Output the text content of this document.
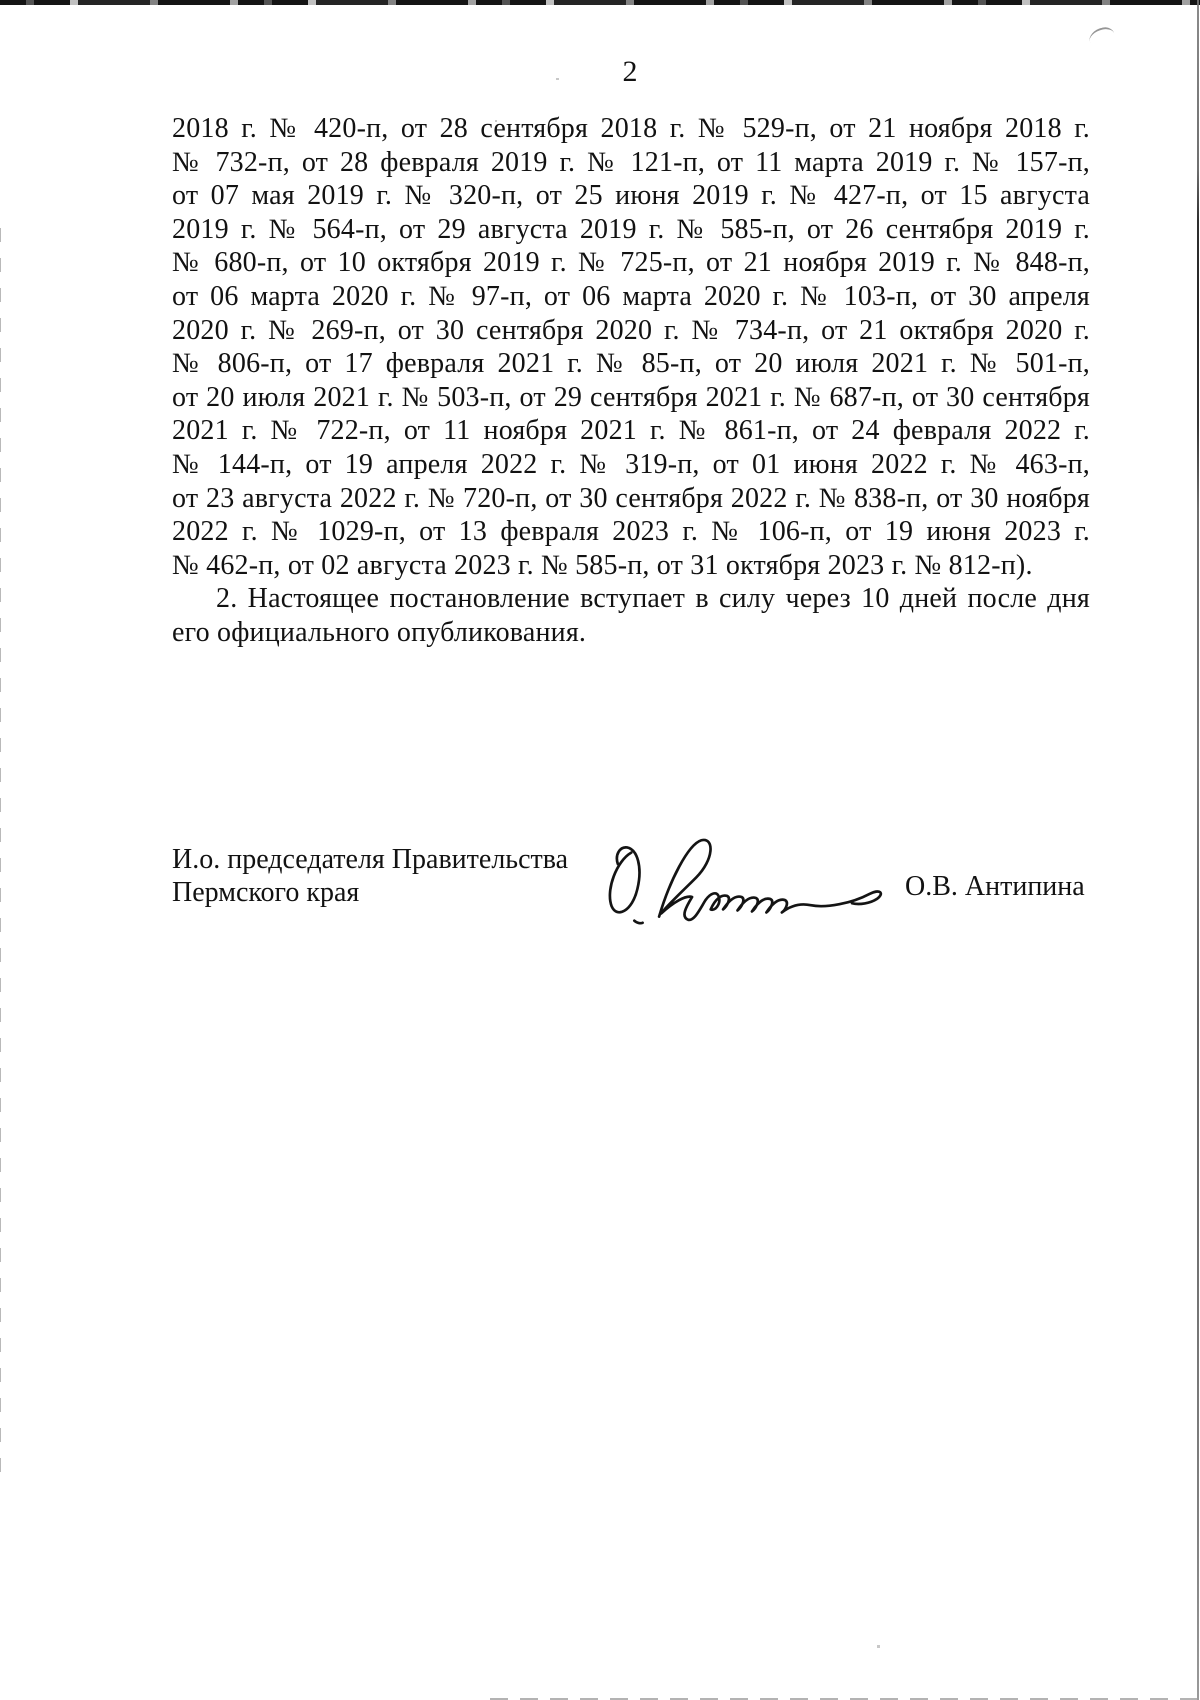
2
2018 г. № 420-п, от 28 сентября 2018 г. № 529-п, от 21 ноября 2018 г.
№ 732-п, от 28 февраля 2019 г. № 121-п, от 11 марта 2019 г. № 157-п,
от 07 мая 2019 г. № 320-п, от 25 июня 2019 г. № 427-п, от 15 августа
2019 г. № 564-п, от 29 августа 2019 г. № 585-п, от 26 сентября 2019 г.
№ 680-п, от 10 октября 2019 г. № 725-п, от 21 ноября 2019 г. № 848-п,
от 06 марта 2020 г. № 97-п, от 06 марта 2020 г. № 103-п, от 30 апреля
2020 г. № 269-п, от 30 сентября 2020 г. № 734-п, от 21 октября 2020 г.
№ 806-п, от 17 февраля 2021 г. № 85-п, от 20 июля 2021 г. № 501-п,
от 20 июля 2021 г. № 503-п, от 29 сентября 2021 г. № 687-п, от 30 сентября
2021 г. № 722-п, от 11 ноября 2021 г. № 861-п, от 24 февраля 2022 г.
№ 144-п, от 19 апреля 2022 г. № 319-п, от 01 июня 2022 г. № 463-п,
от 23 августа 2022 г. № 720-п, от 30 сентября 2022 г. № 838-п, от 30 ноября
2022 г. № 1029-п, от 13 февраля 2023 г. № 106-п, от 19 июня 2023 г.
№ 462-п, от 02 августа 2023 г. № 585-п, от 31 октября 2023 г. № 812-п).
2. Настоящее постановление вступает в силу через 10 дней после дня
его официального опубликования.
И.о. председателя Правительства
Пермского края	О.В. Антипина
